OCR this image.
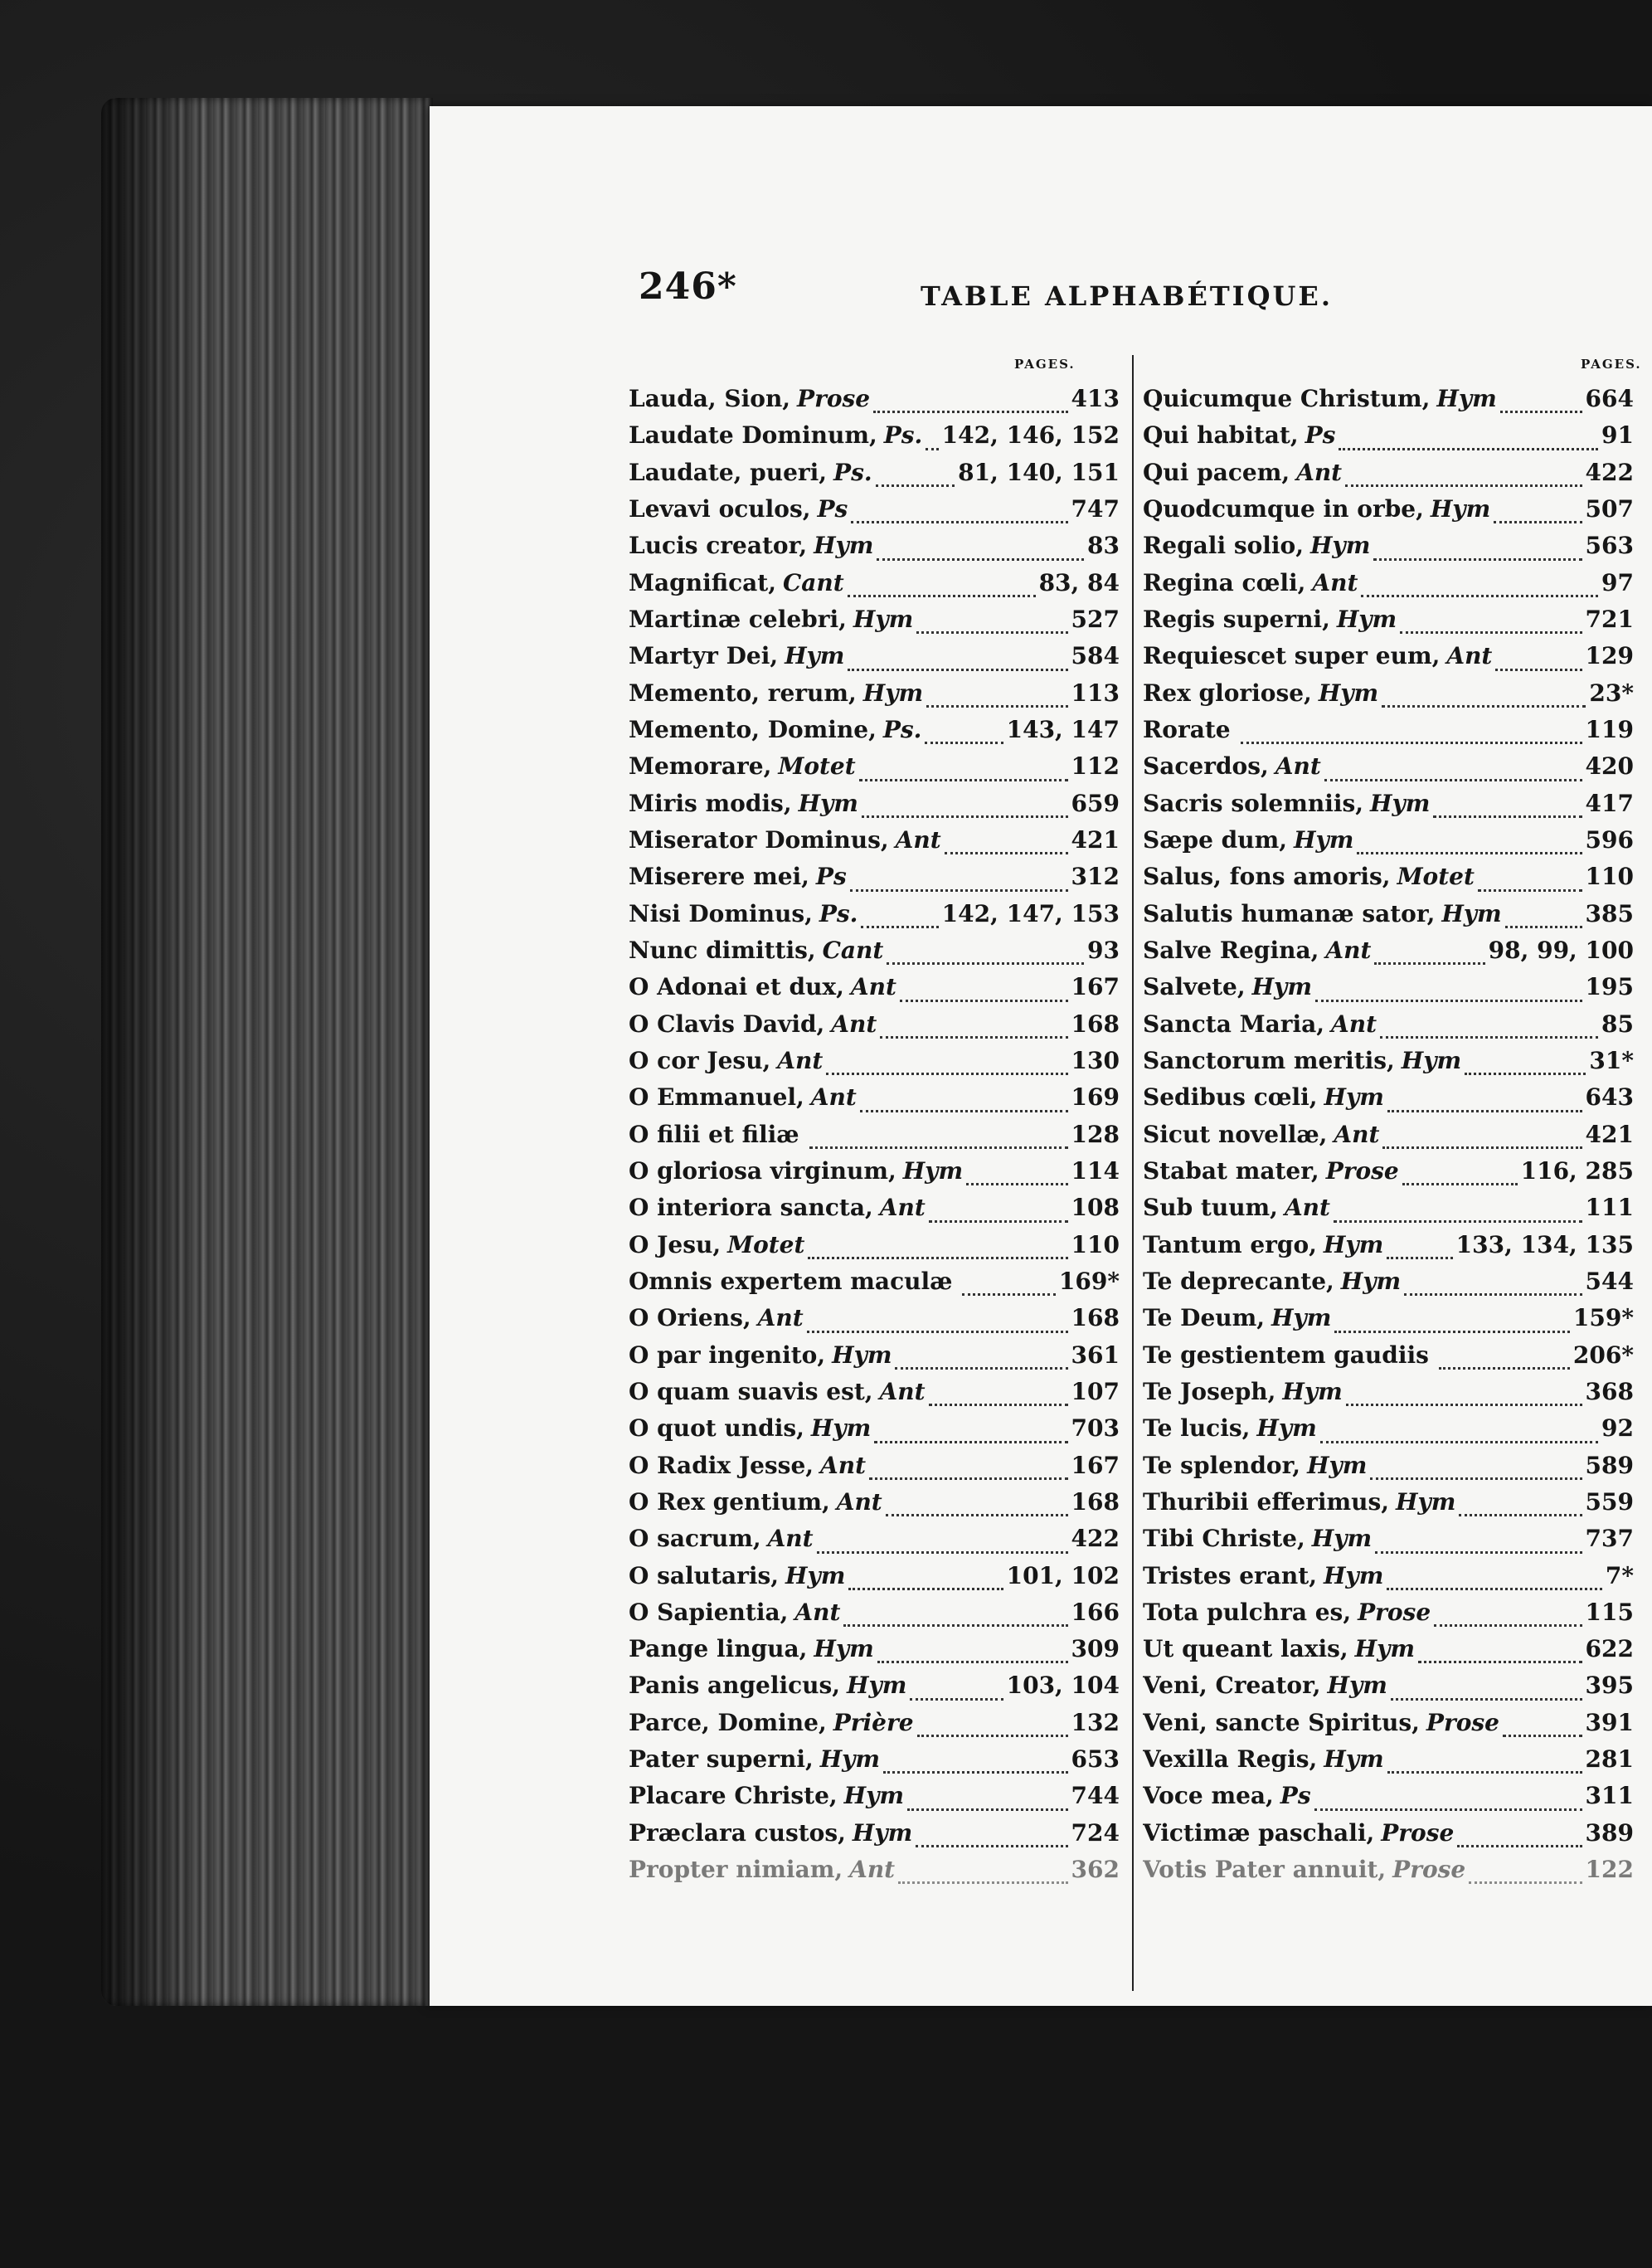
246*	TABLE ALPHABÉTIQUE.
PAGES.	PAGES.
Lauda, Sion, Prose	413
Laudate Dominum, Ps. 142, 146, 152
Laudate, pueri, Ps.	81, 140, 151
Levavi oculos, Ps	747
Lucis creator, Hym	83
Magnificat, Cant	83, 84
Martinæ celebri, Hym	527
Martyr Dei, Hym	584
Memento, rerum, Hym	113
Memento, Domine, Ps.	143, 147
Memorare, Motet	112
Miris modis, Hym	659
Miserator Dominus, Ant	421
Miserere mei, Ps	312
Nisi Dominus, Ps.	142, 147, 153
Nunc dimittis, Cant	93
O Adonai et dux, Ant	167
O Clavis David, Ant	168
O cor Jesu, Ant	130
O Emmanuel, Ant	169
O filii et filiæ	128
O gloriosa virginum, Hym	114
O interiora sancta, Ant	108
O Jesu, Motet	110
Omnis expertem maculæ	169*
O Oriens, Ant	168
O par ingenito, Hym	361
O quam suavis est, Ant	107
O quot undis, Hym	703
O Radix Jesse, Ant	167
O Rex gentium, Ant	168
O sacrum, Ant	422
O salutaris, Hym	101, 102
O Sapientia, Ant	166
Pange lingua, Hym	309
Panis angelicus, Hym	103, 104
Parce, Domine, Prière	132
Pater superni, Hym	653
Placare Christe, Hym	744
Præclara custos, Hym	724
Propter nimiam, Ant	362
Quicumque Christum, Hym	664
Qui habitat, Ps	91
Qui pacem, Ant	422
Quodcumque in orbe, Hym	507
Regali solio, Hym	563
Regina cœli, Ant	97
Regis superni, Hym	721
Requiescet super eum, Ant	129
Rex gloriose, Hym	23*
Rorate	119
Sacerdos, Ant	420
Sacris solemniis, Hym	417
Sæpe dum, Hym	596
Salus, fons amoris, Motet	110
Salutis humanæ sator, Hym	385
Salve Regina, Ant	98, 99, 100
Salvete, Hym	195
Sancta Maria, Ant	85
Sanctorum meritis, Hym	31*
Sedibus cœli, Hym	643
Sicut novellæ, Ant	421
Stabat mater, Prose	116, 285
Sub tuum, Ant	111
Tantum ergo, Hym	133, 134, 135
Te deprecante, Hym	544
Te Deum, Hym	159*
Te gestientem gaudiis	206*
Te Joseph, Hym	368
Te lucis, Hym	92
Te splendor, Hym	589
Thuribii efferimus, Hym	559
Tibi Christe, Hym	737
Tristes erant, Hym	7*
Tota pulchra es, Prose	115
Ut queant laxis, Hym	622
Veni, Creator, Hym	395
Veni, sancte Spiritus, Prose	391
Vexilla Regis, Hym	281
Voce mea, Ps	311
Victimæ paschali, Prose	389
Votis Pater annuit, Prose	122
